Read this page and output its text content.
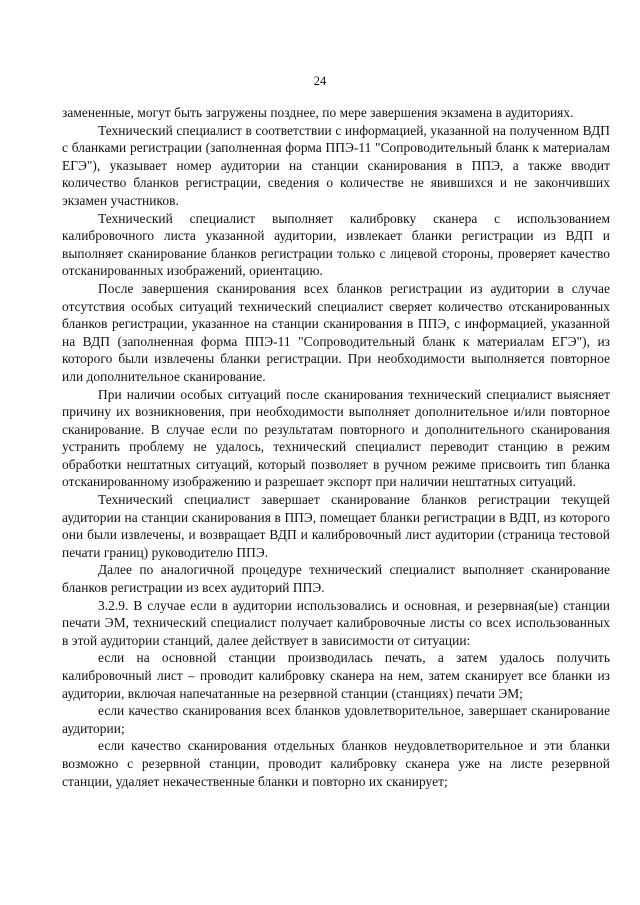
24

замененные, могут быть загружены позднее, по мере завершения экзамена в аудиториях.

Технический специалист в соответствии с информацией, указанной на полученном ВДП с бланками регистрации (заполненная форма ППЭ-11 "Сопроводительный бланк к материалам ЕГЭ"), указывает номер аудитории на станции сканирования в ППЭ, а также вводит количество бланков регистрации, сведения о количестве не явившихся и не закончивших экзамен участников.

Технический специалист выполняет калибровку сканера с использованием калибровочного листа указанной аудитории, извлекает бланки регистрации из ВДП и выполняет сканирование бланков регистрации только с лицевой стороны, проверяет качество отсканированных изображений, ориентацию.

После завершения сканирования всех бланков регистрации из аудитории в случае отсутствия особых ситуаций технический специалист сверяет количество отсканированных бланков регистрации, указанное на станции сканирования в ППЭ, с информацией, указанной на ВДП (заполненная форма ППЭ-11 "Сопроводительный бланк к материалам ЕГЭ"), из которого были извлечены бланки регистрации. При необходимости выполняется повторное или дополнительное сканирование.

При наличии особых ситуаций после сканирования технический специалист выясняет причину их возникновения, при необходимости выполняет дополнительное и/или повторное сканирование. В случае если по результатам повторного и дополнительного сканирования устранить проблему не удалось, технический специалист переводит станцию в режим обработки нештатных ситуаций, который позволяет в ручном режиме присвоить тип бланка отсканированному изображению и разрешает экспорт при наличии нештатных ситуаций.

Технический специалист завершает сканирование бланков регистрации текущей аудитории на станции сканирования в ППЭ, помещает бланки регистрации в ВДП, из которого они были извлечены, и возвращает ВДП и калибровочный лист аудитории (страница тестовой печати границ) руководителю ППЭ.

Далее по аналогичной процедуре технический специалист выполняет сканирование бланков регистрации из всех аудиторий ППЭ.

3.2.9. В случае если в аудитории использовались и основная, и резервная(ые) станции печати ЭМ, технический специалист получает калибровочные листы со всех использованных в этой аудитории станций, далее действует в зависимости от ситуации:

если на основной станции производилась печать, а затем удалось получить калибровочный лист – проводит калибровку сканера на нем, затем сканирует все бланки из аудитории, включая напечатанные на резервной станции (станциях) печати ЭМ;

если качество сканирования всех бланков удовлетворительное, завершает сканирование аудитории;

если качество сканирования отдельных бланков неудовлетворительное и эти бланки возможно с резервной станции, проводит калибровку сканера уже на листе резервной станции, удаляет некачественные бланки и повторно их сканирует;
